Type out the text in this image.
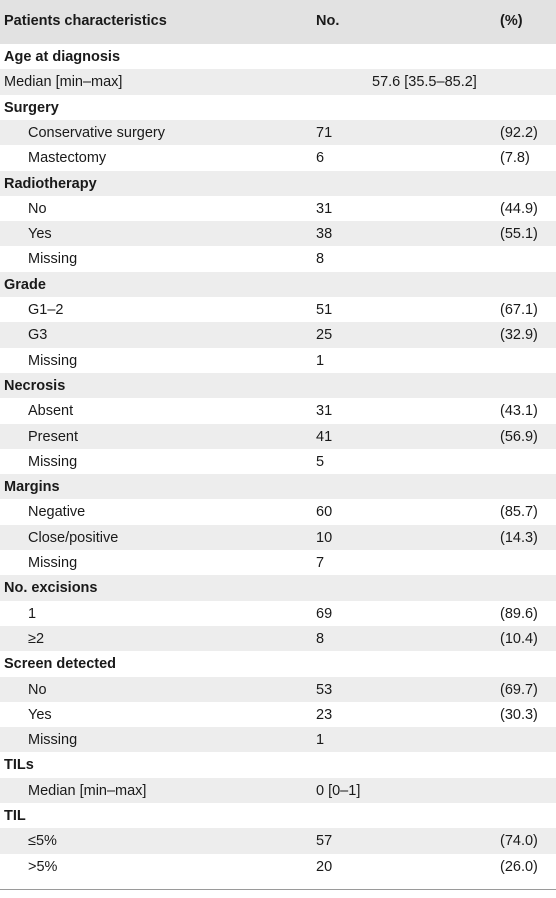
Patients characteristics	No.	(%)
Age at diagnosis
Median [min–max]	57.6 [35.5–85.2]
Surgery
Conservative surgery	71	(92.2)
Mastectomy	6	(7.8)
Radiotherapy
No	31	(44.9)
Yes	38	(55.1)
Missing	8
Grade
G1–2	51	(67.1)
G3	25	(32.9)
Missing	1
Necrosis
Absent	31	(43.1)
Present	41	(56.9)
Missing	5
Margins
Negative	60	(85.7)
Close/positive	10	(14.3)
Missing	7
No. excisions
1	69	(89.6)
≥2	8	(10.4)
Screen detected
No	53	(69.7)
Yes	23	(30.3)
Missing	1
TILs
Median [min–max]	0 [0–1]
TIL
≤5%	57	(74.0)
>5%	20	(26.0)
